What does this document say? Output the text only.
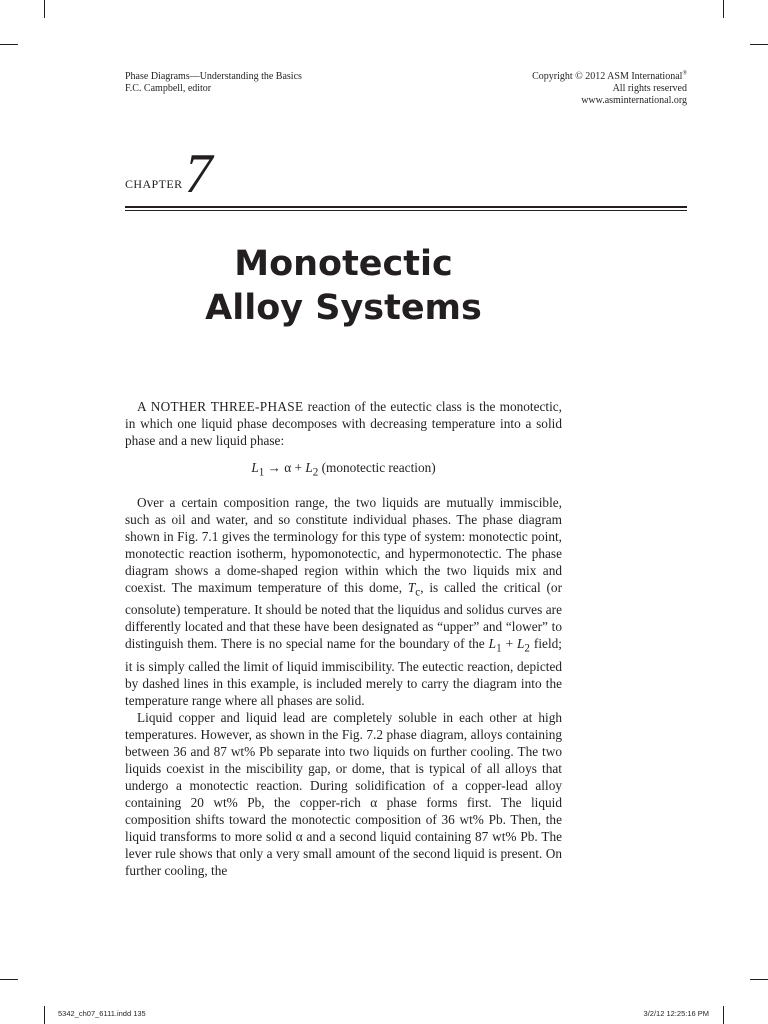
Phase Diagrams—Understanding the Basics
F.C. Campbell, editor
Copyright © 2012 ASM International®
All rights reserved
www.asminternational.org
CHAPTER 7
Monotectic
Alloy Systems

A NOTHER THREE-PHASE reaction of the eutectic class is the monotectic, in which one liquid phase decomposes with decreasing temperature into a solid phase and a new liquid phase:

$L_1 \to \alpha + L_2$ (monotectic reaction)

Over a certain composition range, the two liquids are mutually immiscible, such as oil and water, and so constitute individual phases. The phase diagram shown in Fig. 7.1 gives the terminology for this type of system: monotectic point, monotectic reaction isotherm, hypomonotectic, and hypermonotectic. The phase diagram shows a dome-shaped region within which the two liquids mix and coexist. The maximum temperature of this dome, $T_c$, is called the critical (or consolute) temperature. It should be noted that the liquidus and solidus curves are differently located and that these have been designated as “upper” and “lower” to distinguish them. There is no special name for the boundary of the $L_1 + L_2$ field; it is simply called the limit of liquid immiscibility. The eutectic reaction, depicted by dashed lines in this example, is included merely to carry the diagram into the temperature range where all phases are solid.

Liquid copper and liquid lead are completely soluble in each other at high temperatures. However, as shown in the Fig. 7.2 phase diagram, alloys containing between 36 and 87 wt% Pb separate into two liquids on further cooling. The two liquids coexist in the miscibility gap, or dome, that is typical of all alloys that undergo a monotectic reaction. During solidification of a copper-lead alloy containing 20 wt% Pb, the copper-rich α phase forms first. The liquid composition shifts toward the monotectic composition of 36 wt% Pb. Then, the liquid transforms to more solid α and a second liquid containing 87 wt% Pb. The lever rule shows that only a very small amount of the second liquid is present. On further cooling, the

5342_ch07_6111.indd 135	3/2/12 12:25:16 PM
